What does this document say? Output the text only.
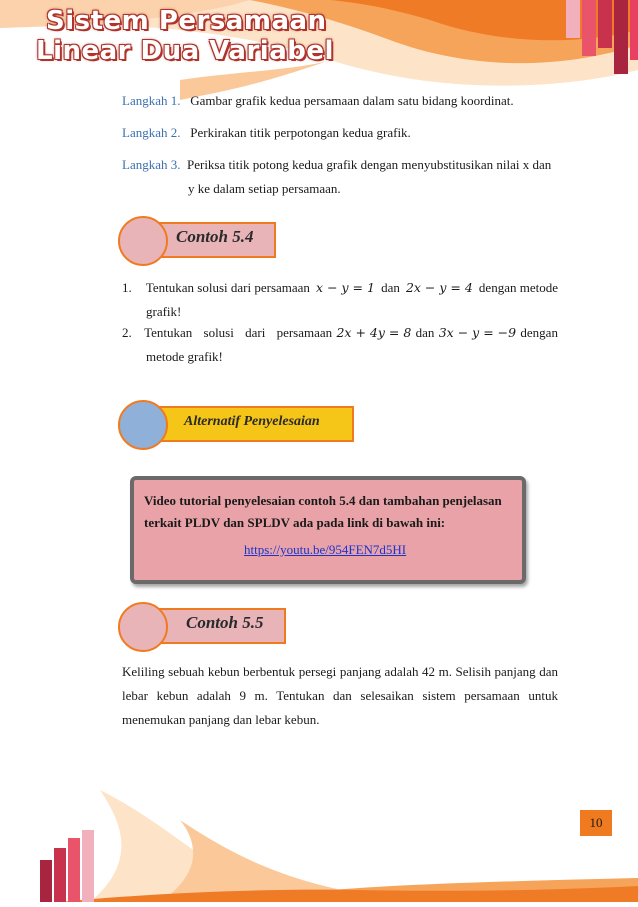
Sistem Persamaan
Linear Dua Variabel
Langkah 1. Gambar grafik kedua persamaan dalam satu bidang koordinat.
Langkah 2. Perkirakan titik perpotongan kedua grafik.
Langkah 3. Periksa titik potong kedua grafik dengan menyubstitusikan nilai x dan
y ke dalam setiap persamaan.
Contoh 5.4
1. Tentukan solusi dari persamaan x − y = 1 dan 2x − y = 4 dengan metode
grafik!
2. Tentukan solusi dari persamaan 2x + 4y = 8 dan 3x − y = −9 dengan
metode grafik!
Alternatif Penyelesaian
Video tutorial penyelesaian contoh 5.4 dan tambahan penjelasan
terkait PLDV dan SPLDV ada pada link di bawah ini:
https://youtu.be/954FEN7d5HI
Contoh 5.5
Keliling sebuah kebun berbentuk persegi panjang adalah 42 m. Selisih panjang dan
lebar kebun adalah 9 m. Tentukan dan selesaikan sistem persamaan untuk
menemukan panjang dan lebar kebun.
10
